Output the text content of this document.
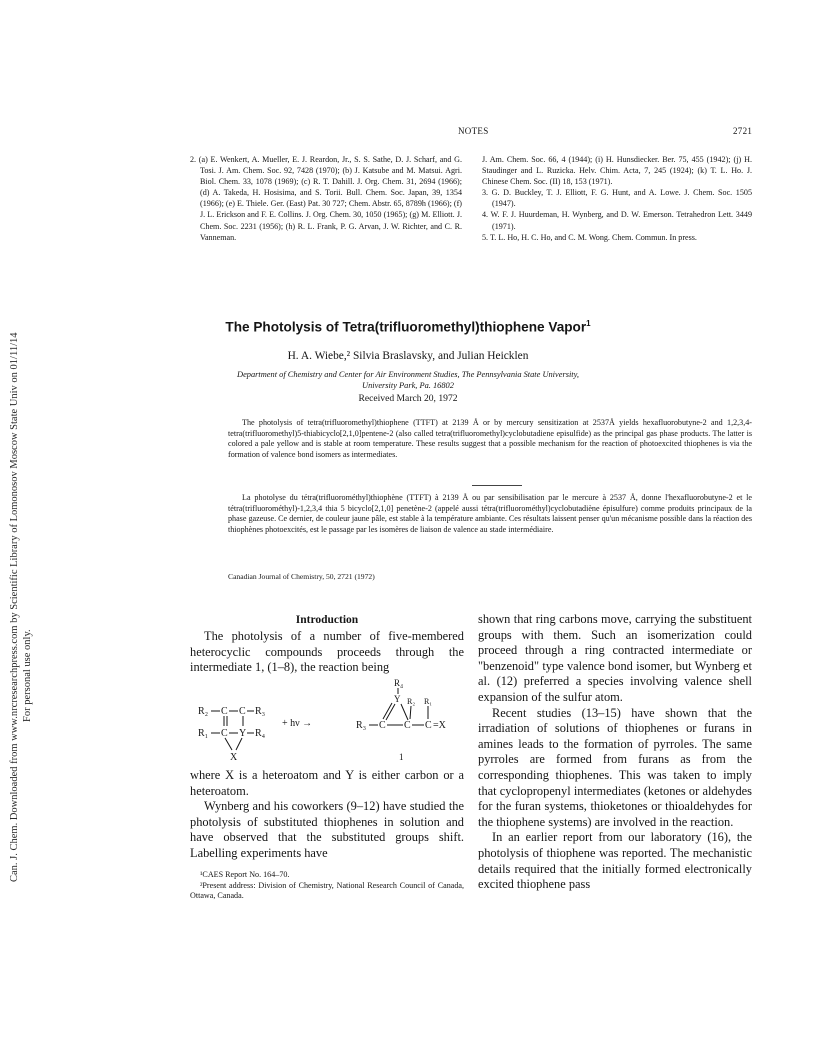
Can. J. Chem. Downloaded from www.nrcresearchpress.com by Scientific Library of Lomonosov Moscow State Univ on 01/11/14 For personal use only.
NOTES	2721
2. (a) E. Wenkert, A. Mueller, E. J. Reardon, Jr., S. S. Sathe, D. J. Scharf, and G. Tosi. J. Am. Chem. Soc. 92, 7428 (1970); (b) J. Katsube and M. Matsui. Agri. Biol. Chem. 33, 1078 (1969); (c) R. T. Dahill. J. Org. Chem. 31, 2694 (1966); (d) A. Takeda, H. Hosisima, and S. Torii. Bull. Chem. Soc. Japan, 39, 1354 (1966); (e) E. Thiele. Ger. (East) Pat. 30 727; Chem. Abstr. 65, 8789h (1966); (f) J. L. Erickson and F. E. Collins. J. Org. Chem. 30, 1050 (1965); (g) M. Elliott. J. Chem. Soc. 2231 (1956); (h) R. L. Frank, P. G. Arvan, J. W. Richter, and C. R. Vanneman.
J. Am. Chem. Soc. 66, 4 (1944); (i) H. Hunsdiecker. Ber. 75, 455 (1942); (j) H. Staudinger and L. Ruzicka. Helv. Chim. Acta, 7, 245 (1924); (k) T. L. Ho. J. Chinese Chem. Soc. (II) 18, 153 (1971).
3. G. D. Buckley, T. J. Elliott, F. G. Hunt, and A. Lowe. J. Chem. Soc. 1505 (1947).
4. W. F. J. Huurdeman, H. Wynberg, and D. W. Emerson. Tetrahedron Lett. 3449 (1971).
5. T. L. Ho, H. C. Ho, and C. M. Wong. Chem. Commun. In press.
The Photolysis of Tetra(trifluoromethyl)thiophene Vapor$^1$
H. A. Wiebe,² Silvia Braslavsky, and Julian Heicklen
Department of Chemistry and Center for Air Environment Studies, The Pennsylvania State University, University Park, Pa. 16802
Received March 20, 1972
The photolysis of tetra(trifluoromethyl)thiophene (TTFT) at 2139 Å or by mercury sensitization at 2537Å yields hexafluorobutyne-2 and 1,2,3,4-tetra(trifluoromethyl)5-thiabicyclo[2,1,0]pentene-2 (also called tetra(trifluoromethyl)cyclobutadiene episulfide) as the principal gas phase products. The latter is colored a pale yellow and is stable at room temperature. These results suggest that a possible mechanism for the reaction of photoexcited thiophenes is via the formation of valence bond isomers as intermediates.
La photolyse du tétra(trifluorométhyl)thiophène (TTFT) à 2139 Å ou par sensibilisation par le mercure à 2537 Å, donne l'hexafluorobutyne-2 et le tétra(trifluorométhyl)-1,2,3,4 thia 5 bicyclo[2,1,0] penetène-2 (appelé aussi tétra(trifluorométhyl)cyclobutadiène épisulfure) comme produits principaux de la phase gazeuse. Ce dernier, de couleur jaune pâle, est stable à la température ambiante. Ces résultats laissent penser qu'un mécanisme possible dans la réaction des thiophènes photoexcités, est le passage par les isomères de liaison de valence au stade intermédiaire.
Canadian Journal of Chemistry, 50, 2721 (1972)
Introduction

The photolysis of a number of five-membered heterocyclic compounds proceeds through the intermediate 1, (1–8), the reaction being

R₂ C C R₃
R₁ C Y R₄
X
+ hν →
R₄
Y R₂ R₁
R₃ C C C =X
1

where X is a heteroatom and Y is either carbon or a heteroatom.

Wynberg and his coworkers (9–12) have studied the photolysis of substituted thiophenes in solution and have observed that the substituted groups shift. Labelling experiments have

¹CAES Report No. 164–70.
²Present address: Division of Chemistry, National Research Council of Canada, Ottawa, Canada.

shown that ring carbons move, carrying the substituent groups with them. Such an isomerization could proceed through a ring contracted intermediate or "benzenoid" type valence bond isomer, but Wynberg et al. (12) preferred a species involving valence shell expansion of the sulfur atom.

Recent studies (13–15) have shown that the irradiation of solutions of thiophenes or furans in amines leads to the formation of pyrroles. The same pyrroles are formed from furans as from the corresponding thiophenes. This was taken to imply that cyclopropenyl intermediates (ketones or aldehydes for the furan systems, thioketones or thioaldehydes for the thiophene systems) are involved in the reaction.

In an earlier report from our laboratory (16), the photolysis of thiophene was reported. The mechanistic details required that the initially formed electronically excited thiophene pass
